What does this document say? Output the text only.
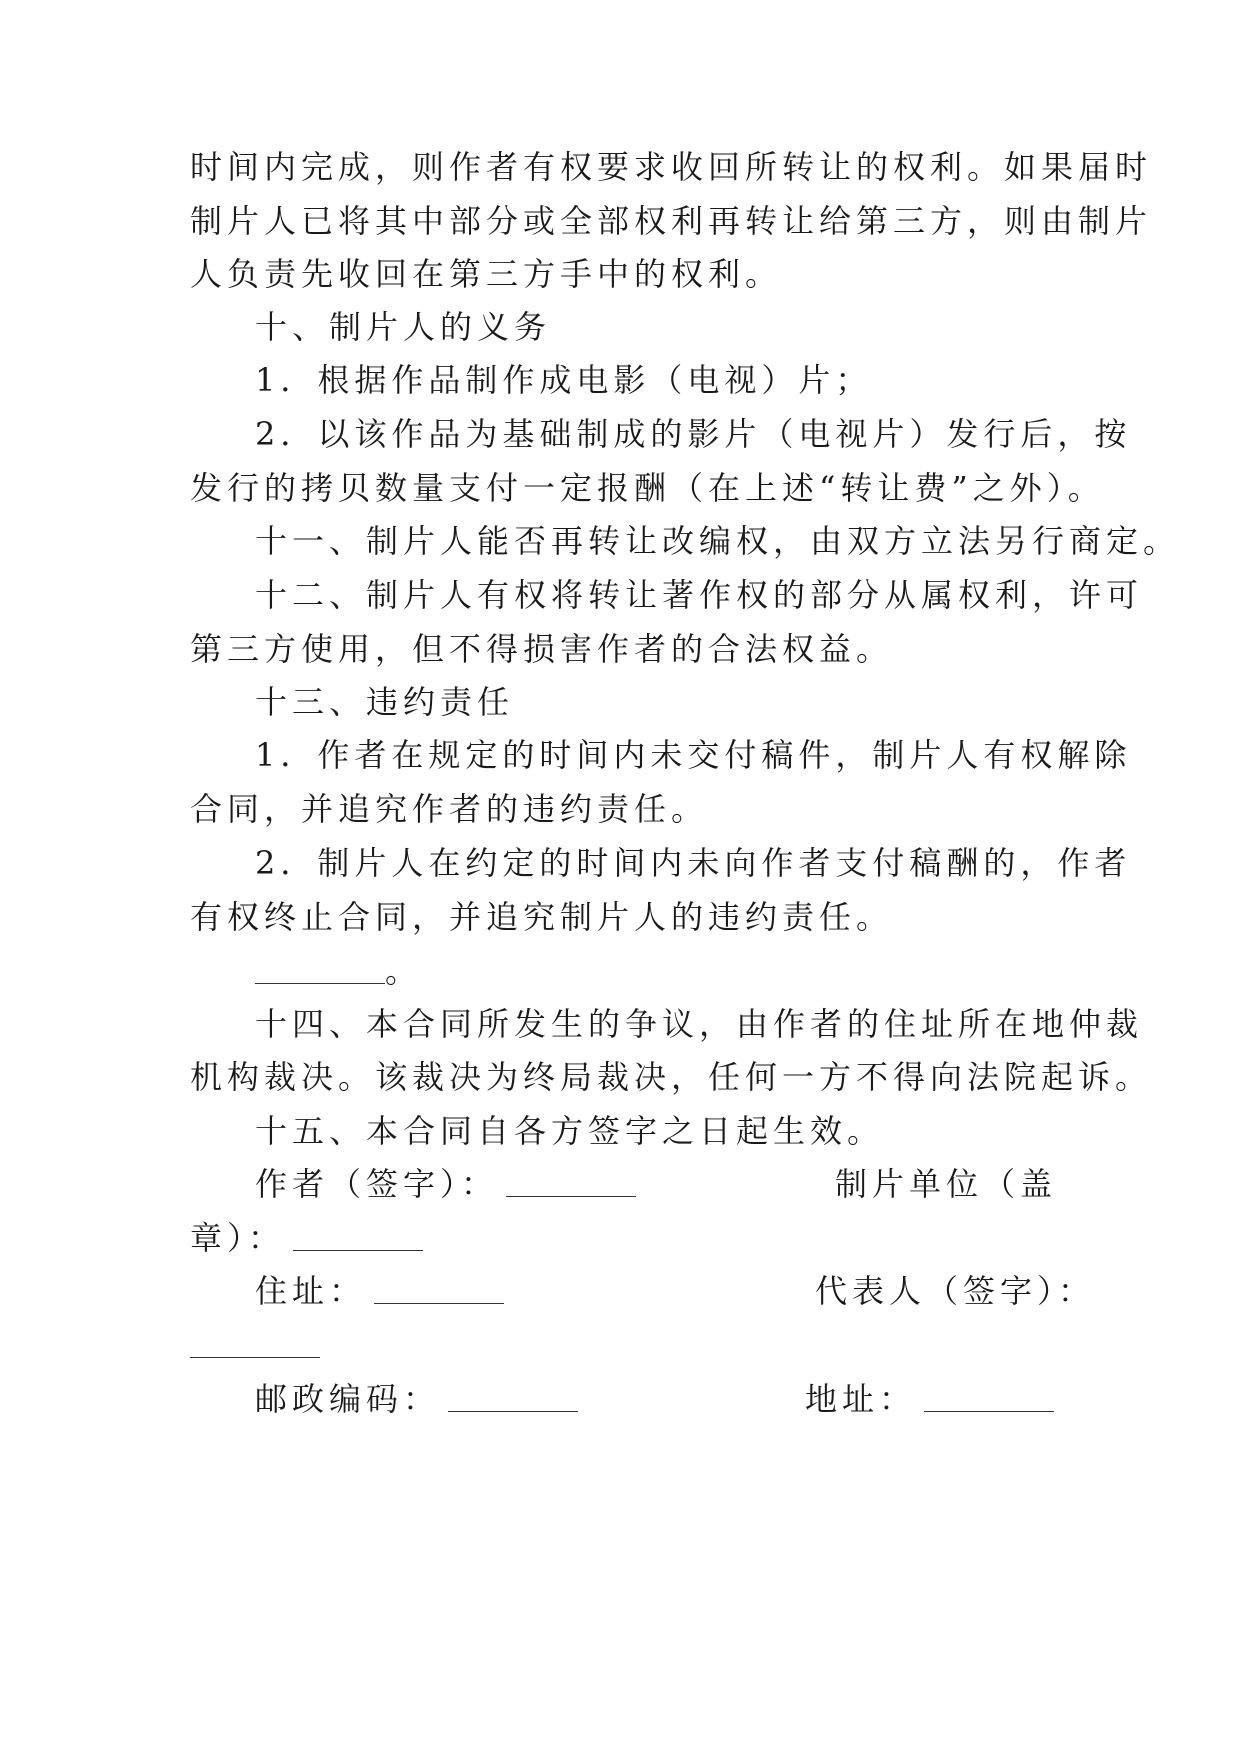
时间内完成，则作者有权要求收回所转让的权利。如果届时
制片人已将其中部分或全部权利再转让给第三方，则由制片
人负责先收回在第三方手中的权利。
十、制片人的义务
1．根据作品制作成电影（电视）片；
2．以该作品为基础制成的影片（电视片）发行后，按
发行的拷贝数量支付一定报酬（在上述“转让费”之外）。
十一、制片人能否再转让改编权，由双方立法另行商定。
十二、制片人有权将转让著作权的部分从属权利，许可
第三方使用，但不得损害作者的合法权益。
十三、违约责任
1．作者在规定的时间内未交付稿件，制片人有权解除
合同，并追究作者的违约责任。
2．制片人在约定的时间内未向作者支付稿酬的，作者
有权终止合同，并追究制片人的违约责任。
。
十四、本合同所发生的争议，由作者的住址所在地仲裁
机构裁决。该裁决为终局裁决，任何一方不得向法院起诉。
十五、本合同自各方签字之日起生效。
作者（签字）：	制片单位（盖
章）：
住址：	代表人（签字）：
邮政编码：	地址：
